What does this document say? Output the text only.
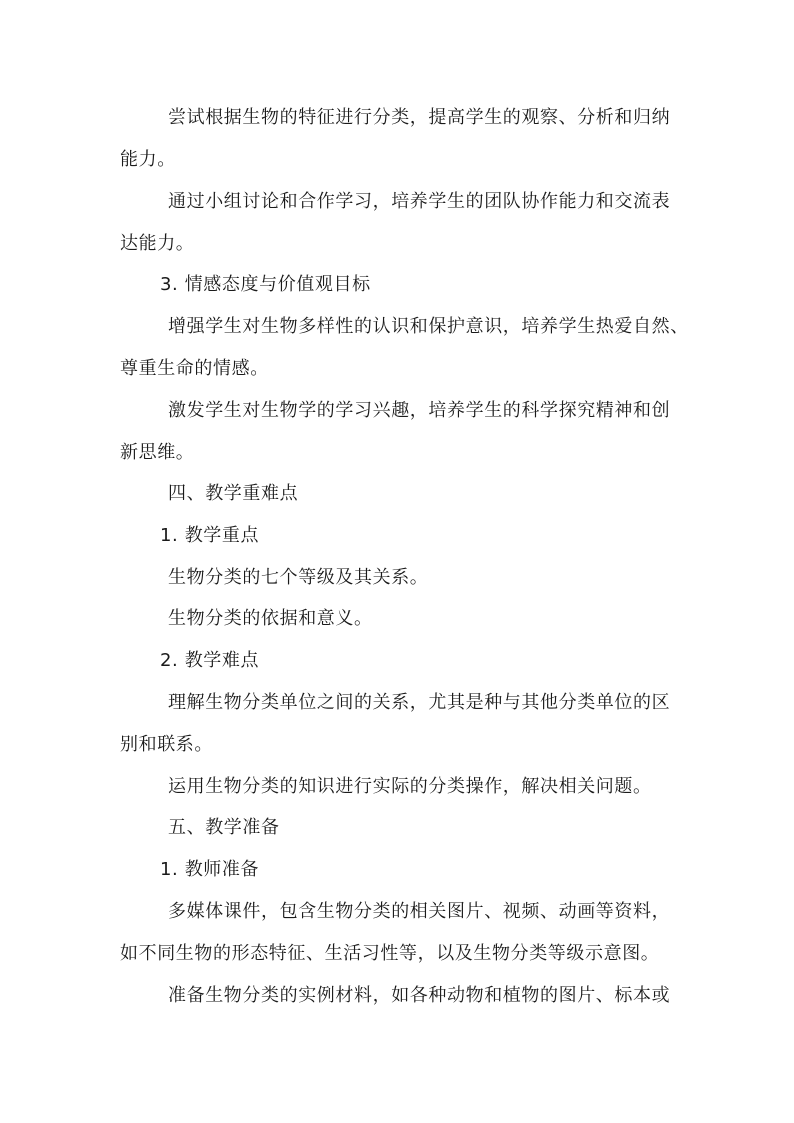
尝试根据生物的特征进行分类，提高学生的观察、分析和归纳
能力。
通过小组讨论和合作学习，培养学生的团队协作能力和交流表
达能力。
3. 情感态度与价值观目标
增强学生对生物多样性的认识和保护意识，培养学生热爱自然、
尊重生命的情感。
激发学生对生物学的学习兴趣，培养学生的科学探究精神和创
新思维。
四、教学重难点
1. 教学重点
生物分类的七个等级及其关系。
生物分类的依据和意义。
2. 教学难点
理解生物分类单位之间的关系，尤其是种与其他分类单位的区
别和联系。
运用生物分类的知识进行实际的分类操作，解决相关问题。
五、教学准备
1. 教师准备
多媒体课件，包含生物分类的相关图片、视频、动画等资料，
如不同生物的形态特征、生活习性等，以及生物分类等级示意图。
准备生物分类的实例材料，如各种动物和植物的图片、标本或
